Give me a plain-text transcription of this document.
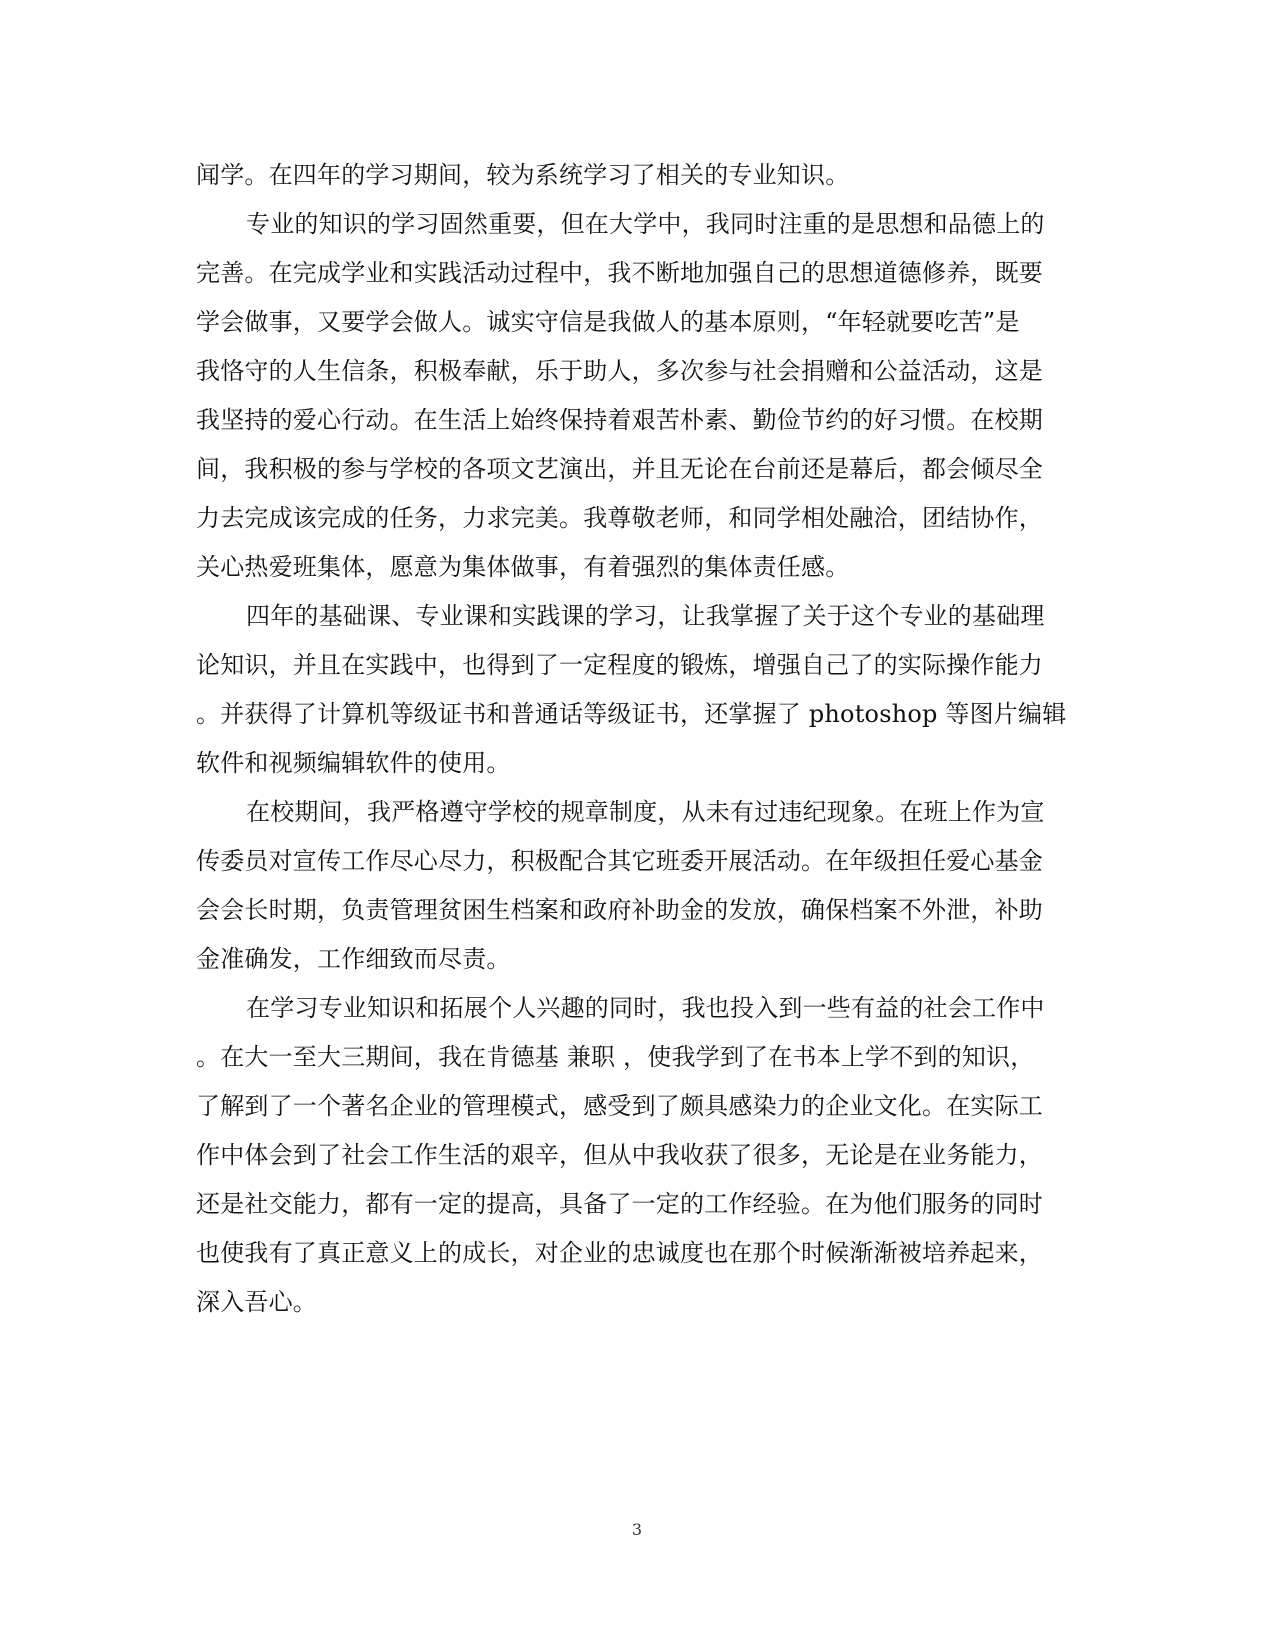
闻学。在四年的学习期间，较为系统学习了相关的专业知识。
专业的知识的学习固然重要，但在大学中，我同时注重的是思想和品德上的
完善。在完成学业和实践活动过程中，我不断地加强自己的思想道德修养，既要
学会做事，又要学会做人。诚实守信是我做人的基本原则，“年轻就要吃苦”是
我恪守的人生信条，积极奉献，乐于助人，多次参与社会捐赠和公益活动，这是
我坚持的爱心行动。在生活上始终保持着艰苦朴素、勤俭节约的好习惯。在校期
间，我积极的参与学校的各项文艺演出，并且无论在台前还是幕后，都会倾尽全
力去完成该完成的任务，力求完美。我尊敬老师，和同学相处融洽，团结协作，
关心热爱班集体，愿意为集体做事，有着强烈的集体责任感。
四年的基础课、专业课和实践课的学习，让我掌握了关于这个专业的基础理
论知识，并且在实践中，也得到了一定程度的锻炼，增强自己了的实际操作能力
。并获得了计算机等级证书和普通话等级证书，还掌握了 photoshop 等图片编辑
软件和视频编辑软件的使用。
在校期间，我严格遵守学校的规章制度，从未有过违纪现象。在班上作为宣
传委员对宣传工作尽心尽力，积极配合其它班委开展活动。在年级担任爱心基金
会会长时期，负责管理贫困生档案和政府补助金的发放，确保档案不外泄，补助
金准确发，工作细致而尽责。
在学习专业知识和拓展个人兴趣的同时，我也投入到一些有益的社会工作中
。在大一至大三期间，我在肯德基 兼职 ，使我学到了在书本上学不到的知识，
了解到了一个著名企业的管理模式，感受到了颇具感染力的企业文化。在实际工
作中体会到了社会工作生活的艰辛，但从中我收获了很多，无论是在业务能力，
还是社交能力，都有一定的提高，具备了一定的工作经验。在为他们服务的同时
也使我有了真正意义上的成长，对企业的忠诚度也在那个时候渐渐被培养起来，
深入吾心。
3
